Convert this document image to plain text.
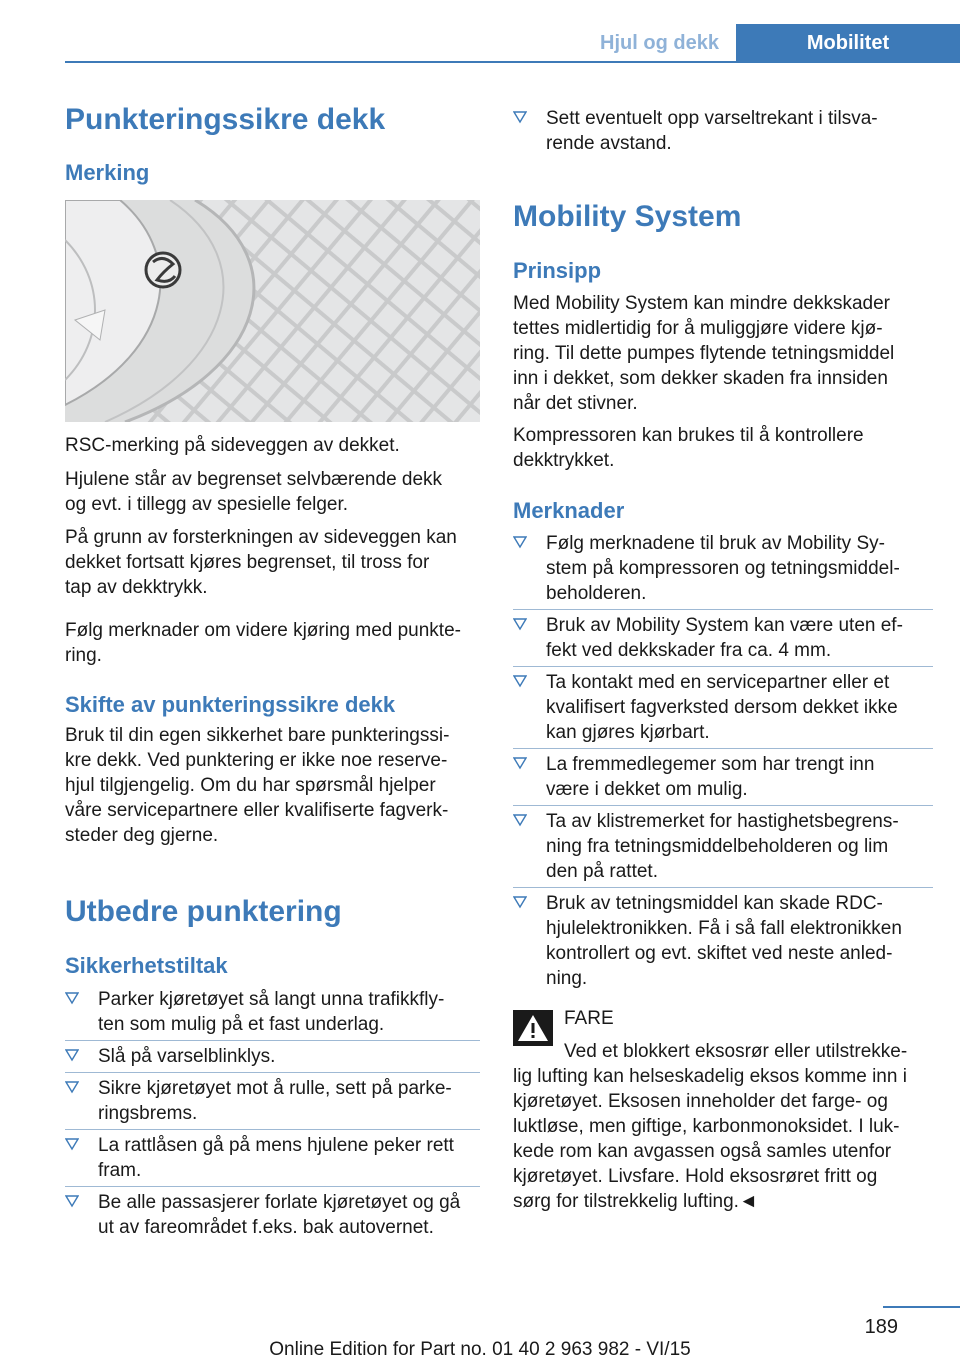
Hjul og dekk	Mobilitet
Punkteringssikre dekk
Merking

RSC-merking på sideveggen av dekket.

Hjulene står av begrenset selvbærende dekk

og evt. i tillegg av spesielle felger.

På grunn av forsterkningen av sideveggen kan

dekket fortsatt kjøres begrenset, til tross for

tap av dekktrykk.

Følg merknader om videre kjøring med punkte‐

ring.

Skifte av punkteringssikre dekk

Bruk til din egen sikkerhet bare punkteringssi‐

kre dekk. Ved punktering er ikke noe reserve‐

hjul tilgjengelig. Om du har spørsmål hjelper

våre servicepartnere eller kvalifiserte fagverk‐

steder deg gjerne.

Utbedre punktering
Sikkerhetstiltak
Parker kjøretøyet så langt unna trafikkfly‐
ten som mulig på et fast underlag.
Slå på varselblinklys.
Sikre kjøretøyet mot å rulle, sett på parke‐
ringsbrems.
La rattlåsen gå på mens hjulene peker rett
fram.
Be alle passasjerer forlate kjøretøyet og gå
ut av fareområdet f.eks. bak autovernet.
Sett eventuelt opp varseltrekant i tilsva‐
rende avstand.
Mobility System
Prinsipp

Med Mobility System kan mindre dekkskader

tettes midlertidig for å muliggjøre videre kjø‐

ring. Til dette pumpes flytende tetningsmiddel

inn i dekket, som dekker skaden fra innsiden

når det stivner.

Kompressoren kan brukes til å kontrollere

dekktrykket.

Merknader
Følg merknadene til bruk av Mobility Sy‐
stem på kompressoren og tetningsmiddel‐
beholderen.
Bruk av Mobility System kan være uten ef‐
fekt ved dekkskader fra ca. 4 mm.
Ta kontakt med en servicepartner eller et
kvalifisert fagverksted dersom dekket ikke
kan gjøres kjørbart.
La fremmedlegemer som har trengt inn
være i dekket om mulig.
Ta av klistremerket for hastighetsbegrens‐
ning fra tetningsmiddelbeholderen og lim
den på rattet.
Bruk av tetningsmiddel kan skade RDC-
hjulelektronikken. Få i så fall elektronikken
kontrollert og evt. skiftet ved neste anled‐
ning.

FARE

Ved et blokkert eksosrør eller utilstrekke‐

lig lufting kan helseskadelig eksos komme inn i

kjøretøyet. Eksosen inneholder det farge- og

luktløse, men giftige, karbonmonoksidet. I luk‐

kede rom kan avgassen også samles utenfor

kjøretøyet. Livsfare. Hold eksosrøret fritt og

sørg for tilstrekkelig lufting.◄

189
Online Edition for Part no. 01 40 2 963 982 - VI/15
